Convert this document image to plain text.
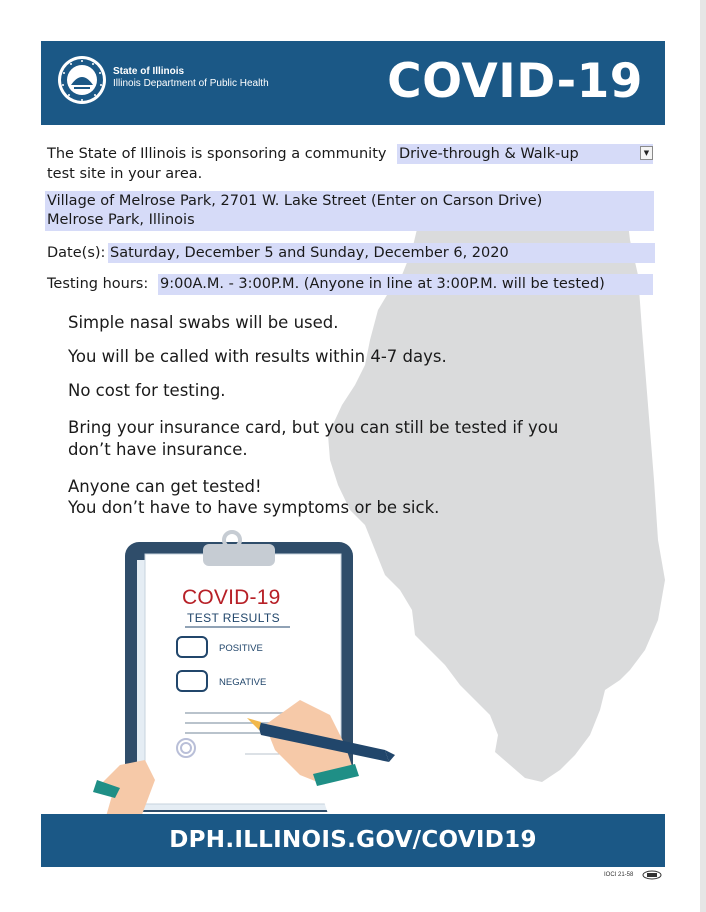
State of Illinois
Illinois Department of Public Health	COVID-19
The State of Illinois is sponsoring a community Drive-through & Walk-up	▼
test site in your area.
Village of Melrose Park, 2701 W. Lake Street (Enter on Carson Drive)
Melrose Park, Illinois
Date(s): Saturday, December 5 and Sunday, December 6, 2020
Testing hours: 9:00A.M. - 3:00P.M. (Anyone in line at 3:00P.M. will be tested)
Simple nasal swabs will be used.
You will be called with results within 4-7 days.
No cost for testing.
Bring your insurance card, but you can still be tested if you
don’t have insurance.
Anyone can get tested!
You don’t have to have symptoms or be sick.
COVID-19
TEST RESULTS
POSITIVE
NEGATIVE
DPH.ILLINOIS.GOV/COVID19
IOCI 21-58
